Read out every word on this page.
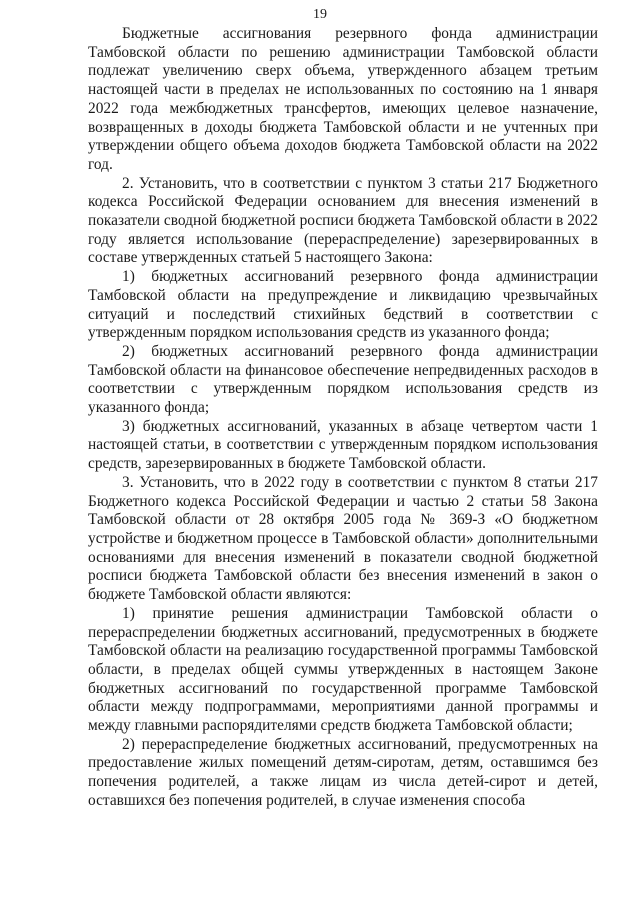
19

Бюджетные ассигнования резервного фонда администрации Тамбовской области по решению администрации Тамбовской области подлежат увеличению сверх объема, утвержденного абзацем третьим настоящей части в пределах не использованных по состоянию на 1 января 2022 года межбюджетных трансфертов, имеющих целевое назначение, возвращенных в доходы бюджета Тамбовской области и не учтенных при утверждении общего объема доходов бюджета Тамбовской области на 2022 год.

2. Установить, что в соответствии с пунктом 3 статьи 217 Бюджетного кодекса Российской Федерации основанием для внесения изменений в показатели сводной бюджетной росписи бюджета Тамбовской области в 2022 году является использование (перераспределение) зарезервированных в составе утвержденных статьей 5 настоящего Закона:

1) бюджетных ассигнований резервного фонда администрации Тамбовской области на предупреждение и ликвидацию чрезвычайных ситуаций и последствий стихийных бедствий в соответствии с утвержденным порядком использования средств из указанного фонда;

2) бюджетных ассигнований резервного фонда администрации Тамбовской области на финансовое обеспечение непредвиденных расходов в соответствии с утвержденным порядком использования средств из указанного фонда;

3) бюджетных ассигнований, указанных в абзаце четвертом части 1 настоящей статьи, в соответствии с утвержденным порядком использования средств, зарезервированных в бюджете Тамбовской области.

3. Установить, что в 2022 году в соответствии с пунктом 8 статьи 217 Бюджетного кодекса Российской Федерации и частью 2 статьи 58 Закона Тамбовской области от 28 октября 2005 года № 369-З «О бюджетном устройстве и бюджетном процессе в Тамбовской области» дополнительными основаниями для внесения изменений в показатели сводной бюджетной росписи бюджета Тамбовской области без внесения изменений в закон о бюджете Тамбовской области являются:

1) принятие решения администрации Тамбовской области о перераспределении бюджетных ассигнований, предусмотренных в бюджете Тамбовской области на реализацию государственной программы Тамбовской области, в пределах общей суммы утвержденных в настоящем Законе бюджетных ассигнований по государственной программе Тамбовской области между подпрограммами, мероприятиями данной программы и между главными распорядителями средств бюджета Тамбовской области;

2) перераспределение бюджетных ассигнований, предусмотренных на предоставление жилых помещений детям-сиротам, детям, оставшимся без попечения родителей, а также лицам из числа детей-сирот и детей, оставшихся без попечения родителей, в случае изменения способа
